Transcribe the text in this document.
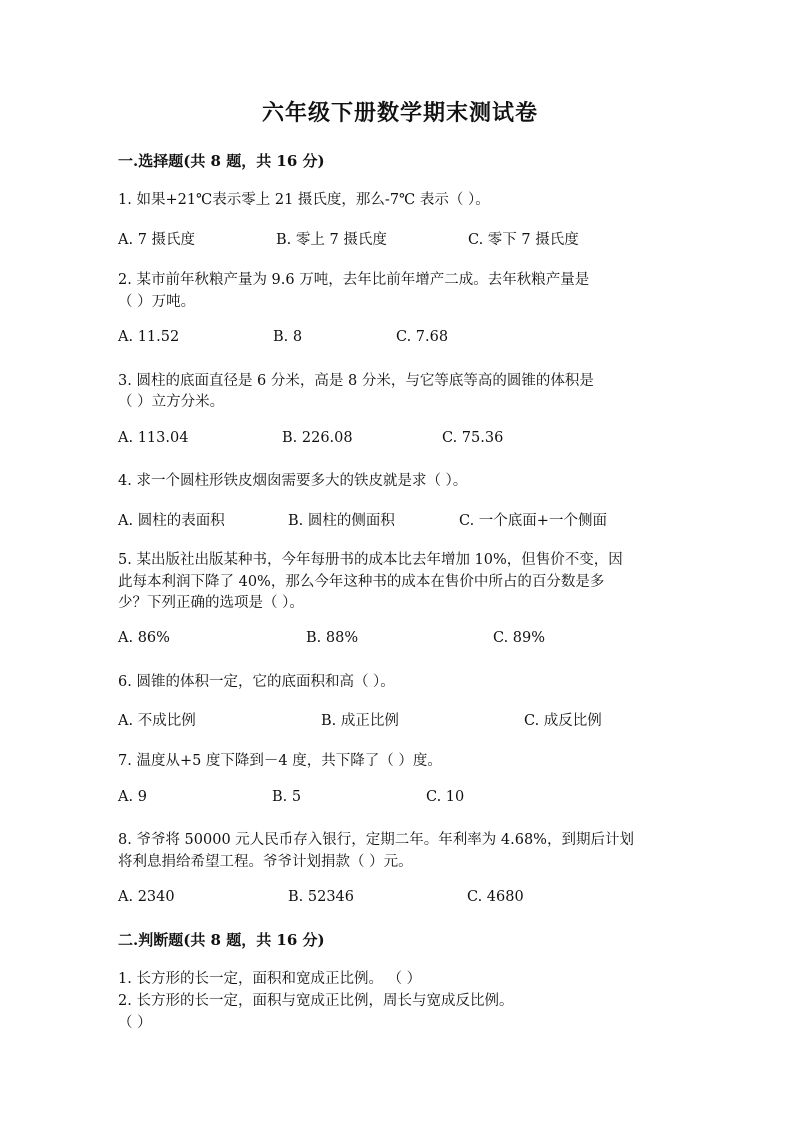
六年级下册数学期末测试卷
一.选择题(共 8 题，共 16 分)
1. 如果+21℃表示零上 21 摄氏度，那么-7℃ 表示（ ）。
A. 7 摄氏度	B. 零上 7 摄氏度	C. 零下 7 摄氏度
2. 某市前年秋粮产量为 9.6 万吨，去年比前年增产二成。去年秋粮产量是
（ ）万吨。
A. 11.52	B. 8	C. 7.68
3. 圆柱的底面直径是 6 分米，高是 8 分米，与它等底等高的圆锥的体积是
（ ）立方分米。
A. 113.04	B. 226.08	C. 75.36
4. 求一个圆柱形铁皮烟囱需要多大的铁皮就是求（ ）。
A. 圆柱的表面积	B. 圆柱的侧面积	C. 一个底面+一个侧面
5. 某出版社出版某种书，今年每册书的成本比去年增加 10%，但售价不变，因
此每本利润下降了 40%，那么今年这种书的成本在售价中所占的百分数是多
少？下列正确的选项是（ ）。
A. 86%	B. 88%	C. 89%
6. 圆锥的体积一定，它的底面积和高（ ）。
A. 不成比例	B. 成正比例	C. 成反比例
7. 温度从+5 度下降到－4 度，共下降了（ ）度。
A. 9	B. 5	C. 10
8. 爷爷将 50000 元人民币存入银行，定期二年。年利率为 4.68%，到期后计划
将利息捐给希望工程。爷爷计划捐款（ ）元。
A. 2340	B. 52346	C. 4680
二.判断题(共 8 题，共 16 分)
1. 长方形的长一定，面积和宽成正比例。 （ ）
2. 长方形的长一定，面积与宽成正比例，周长与宽成反比例。
（ ）
